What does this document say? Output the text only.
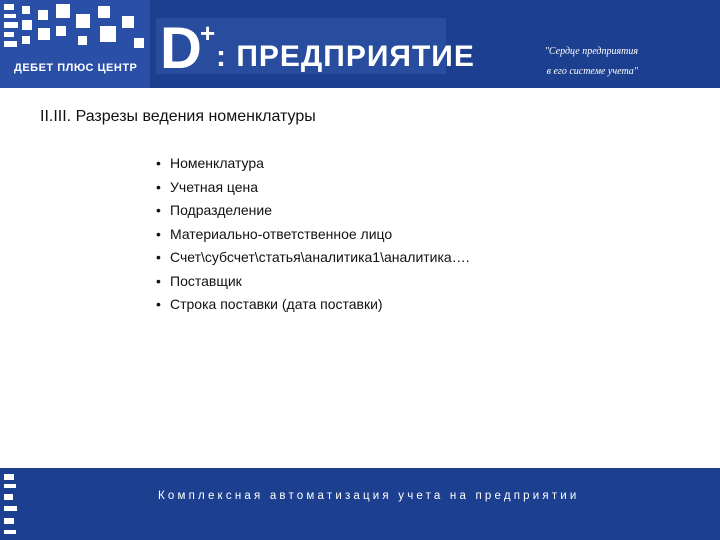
ДЕБЕТ ПЛЮС ЦЕНТР D
+
: ПРЕДПРИЯТИЕ	"Сердце предприятия
в его системе учета"
II.III. Разрезы ведения номенклатуры
• Номенклатура
• Учетная цена
• Подразделение
• Материально-ответственное лицо
• Счет\субсчет\статья\аналитика1\аналитика….
• Поставщик
• Строка поставки (дата поставки)
Комплексная автоматизация учета на предприятии
